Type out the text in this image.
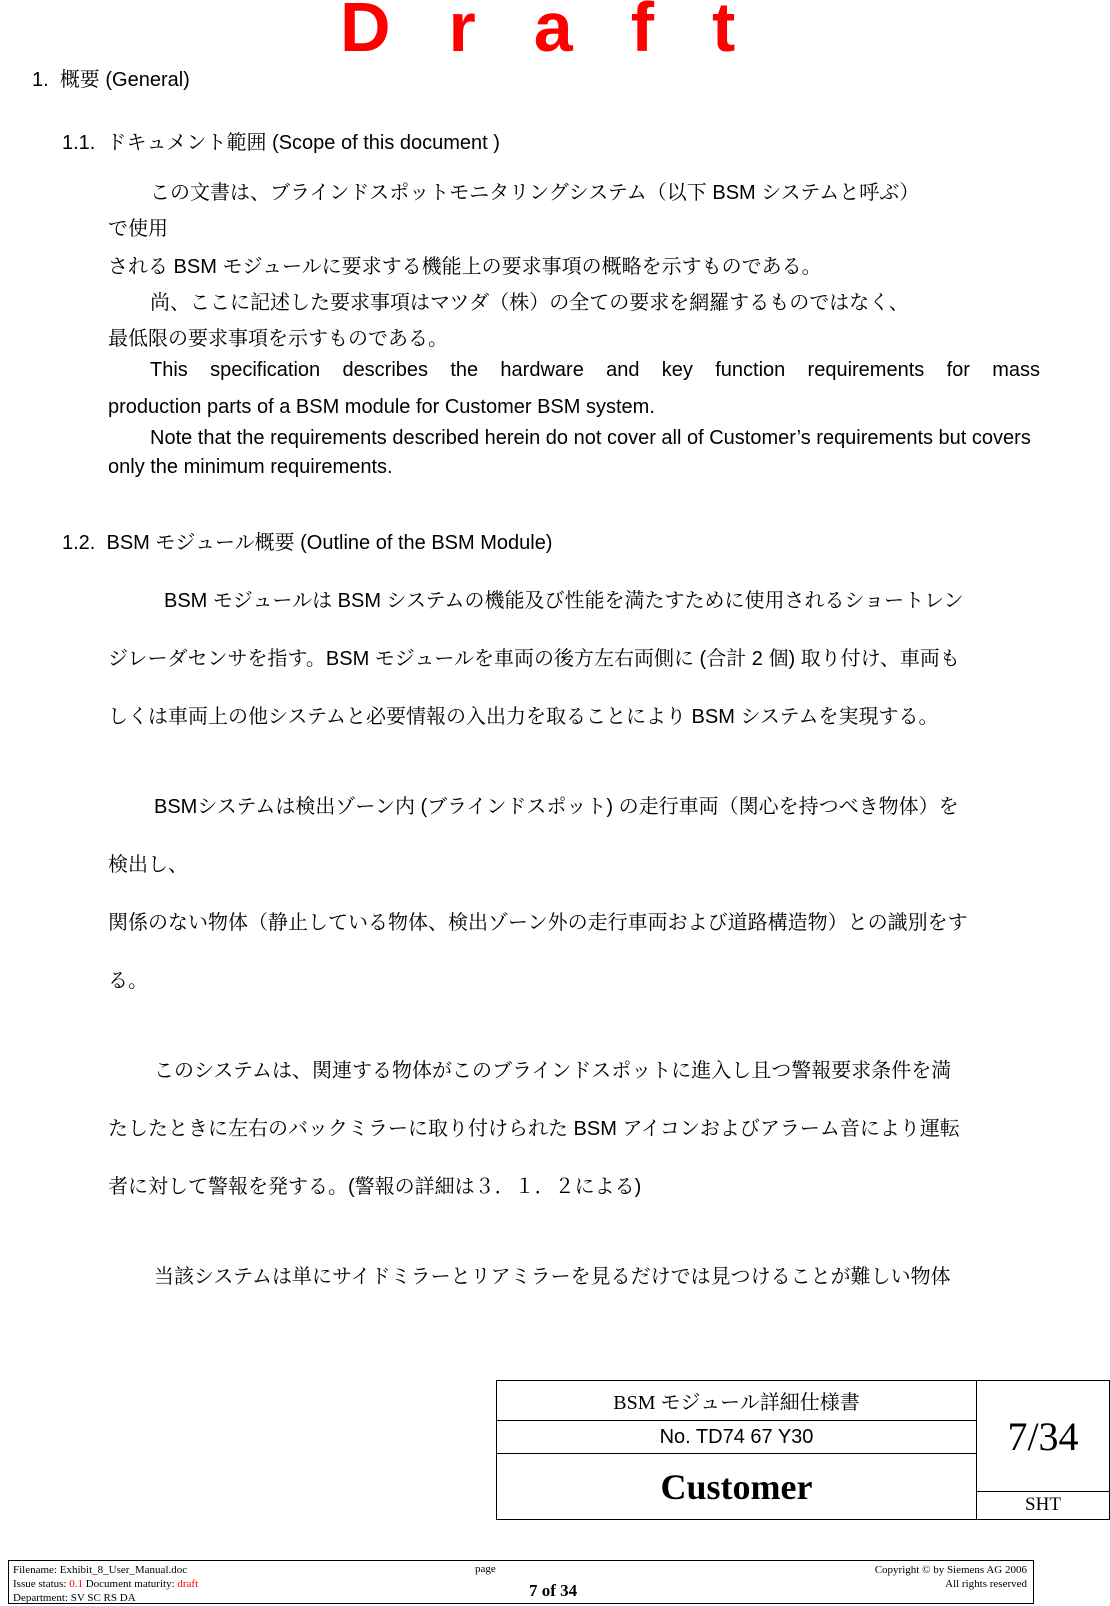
Draft
1. 概要 (General)
1.1. ドキュメント範囲 (Scope of this document )
この文書は、ブラインドスポットモニタリングシステム（以下 BSM システムと呼ぶ）
で使用
される BSM モジュールに要求する機能上の要求事項の概略を示すものである。
尚、ここに記述した要求事項はマツダ（株）の全ての要求を網羅するものではなく、
最低限の要求事項を示すものである。
This specification describes the hardware and key function requirements for mass
production parts of a BSM module for Customer BSM system.
Note that the requirements described herein do not cover all of Customer’s requirements but covers only the minimum requirements.
1.2. BSM モジュール概要 (Outline of the BSM Module)
BSM モジュールは BSM システムの機能及び性能を満たすために使用されるショートレン
ジレーダセンサを指す。BSM モジュールを車両の後方左右両側に (合計 2 個) 取り付け、車両も
しくは車両上の他システムと必要情報の入出力を取ることにより BSM システムを実現する。
BSMシステムは検出ゾーン内 (ブラインドスポット) の走行車両（関心を持つべき物体）を
検出し、
関係のない物体（静止している物体、検出ゾーン外の走行車両および道路構造物）との識別をす
る。
このシステムは、関連する物体がこのブラインドスポットに進入し且つ警報要求条件を満
たしたときに左右のバックミラーに取り付けられた BSM アイコンおよびアラーム音により運転
者に対して警報を発する。(警報の詳細は３．１．２による)
当該システムは単にサイドミラーとリアミラーを見るだけでは見つけることが難しい物体
BSM モジュール詳細仕様書
No. TD74 67 Y30
Customer
7/34
SHT
Filename: Exhibit_8_User_Manual.doc
Issue status: 0.1 Document maturity: draft
Department: SV SC RS DA
page
7 of 34
Copyright © by Siemens AG 2006
All rights reserved
